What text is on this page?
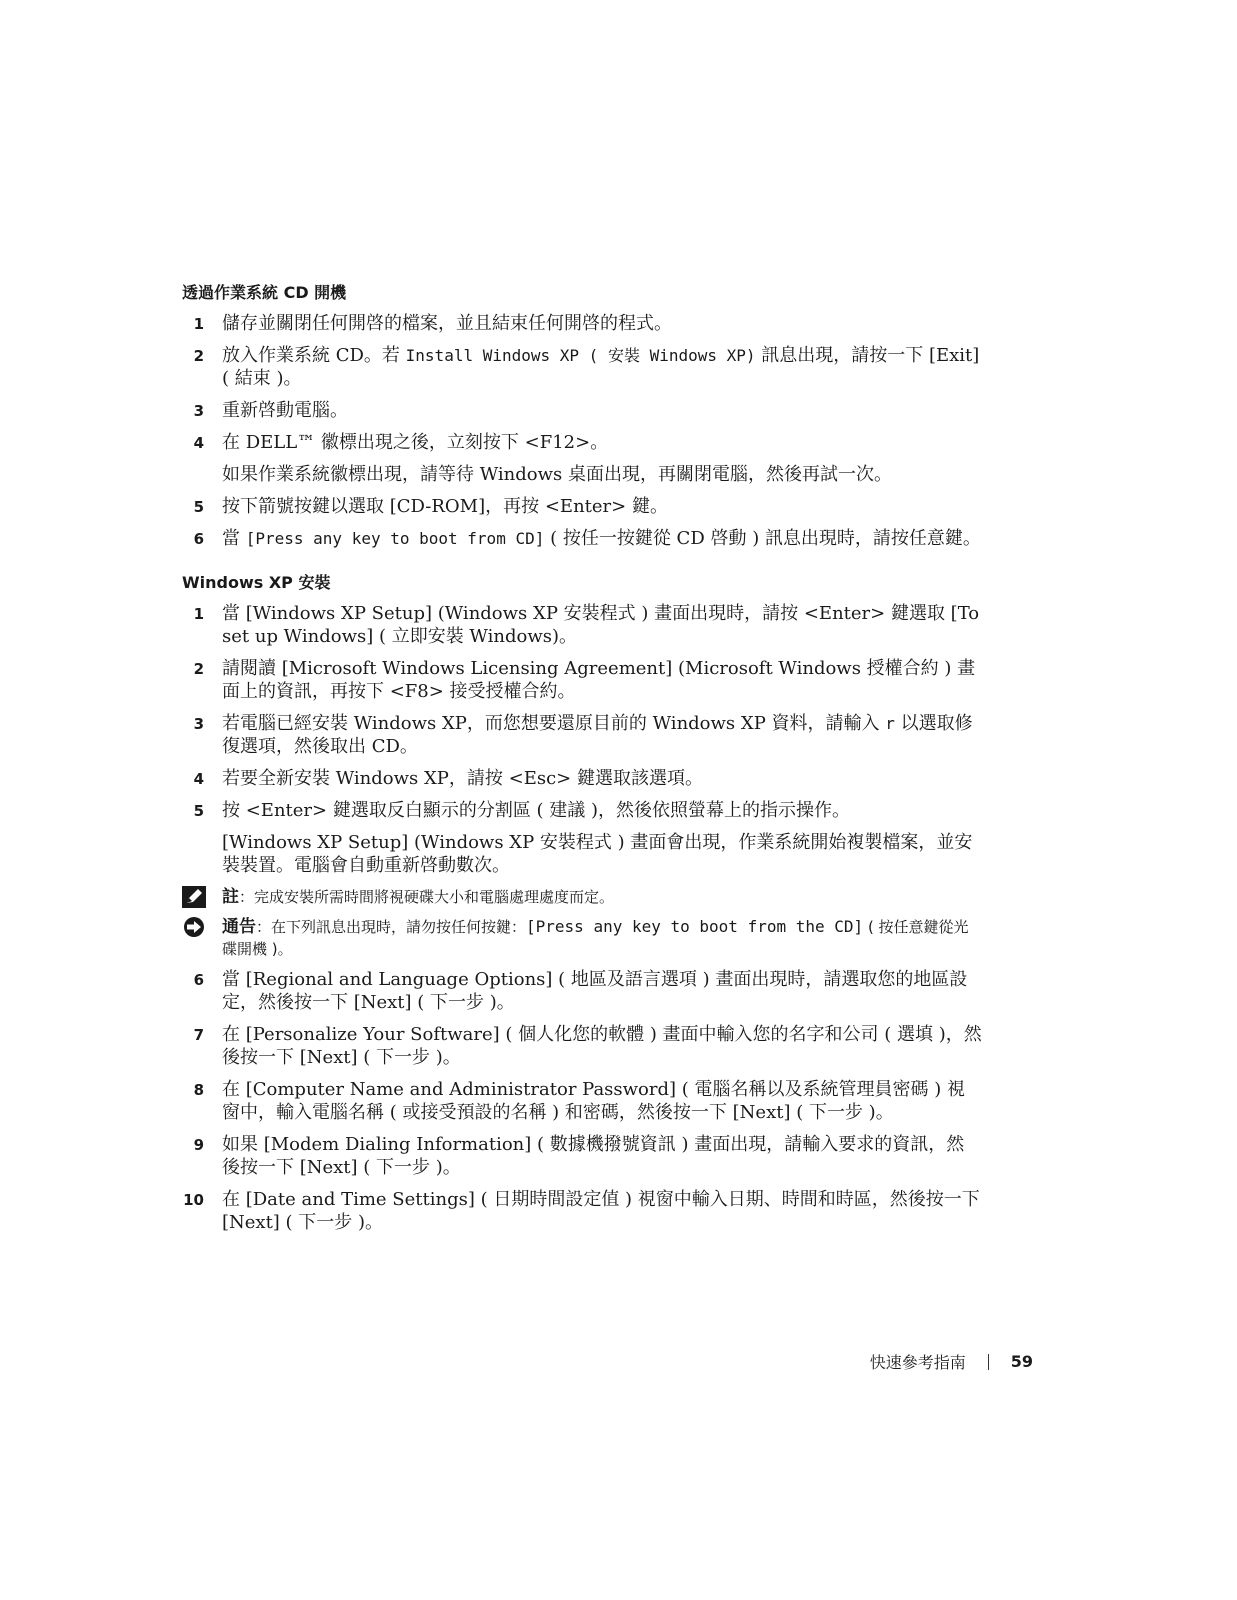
透過作業系統 CD 開機
1 儲存並關閉任何開啓的檔案，並且結束任何開啓的程式。
2 放入作業系統 CD。若 Install Windows XP ( 安裝 Windows XP) 訊息出現，請按一下 [Exit] ( 結束 )。
3 重新啓動電腦。
4 在 DELL™ 徽標出現之後，立刻按下 <F12>。
如果作業系統徽標出現，請等待 Windows 桌面出現，再關閉電腦，然後再試一次。
5 按下箭號按鍵以選取 [CD-ROM]，再按 <Enter> 鍵。
6 當 [Press any key to boot from CD] ( 按任一按鍵從 CD 啓動 ) 訊息出現時，請按任意鍵。
Windows XP 安裝
1 當 [Windows XP Setup] (Windows XP 安裝程式 ) 畫面出現時，請按 <Enter> 鍵選取 [To set up Windows] ( 立即安裝 Windows)。
2 請閱讀 [Microsoft Windows Licensing Agreement] (Microsoft Windows 授權合約 ) 畫面上的資訊，再按下 <F8> 接受授權合約。
3 若電腦已經安裝 Windows XP，而您想要還原目前的 Windows XP 資料，請輸入 r 以選取修復選項，然後取出 CD。
4 若要全新安裝 Windows XP，請按 <Esc> 鍵選取該選項。
5 按 <Enter> 鍵選取反白顯示的分割區 ( 建議 )，然後依照螢幕上的指示操作。
[Windows XP Setup] (Windows XP 安裝程式 ) 畫面會出現，作業系統開始複製檔案，並安裝裝置。電腦會自動重新啓動數次。
註：完成安裝所需時間將視硬碟大小和電腦處理處度而定。
通告：在下列訊息出現時，請勿按任何按鍵：[Press any key to boot from the CD] ( 按任意鍵從光碟開機 )。
6 當 [Regional and Language Options] ( 地區及語言選項 ) 畫面出現時，請選取您的地區設定，然後按一下 [Next] ( 下一步 )。
7 在 [Personalize Your Software] ( 個人化您的軟體 ) 畫面中輸入您的名字和公司 ( 選填 )，然後按一下 [Next] ( 下一步 )。
8 在 [Computer Name and Administrator Password] ( 電腦名稱以及系統管理員密碼 ) 視窗中，輸入電腦名稱 ( 或接受預設的名稱 ) 和密碼，然後按一下 [Next] ( 下一步 )。
9 如果 [Modem Dialing Information] ( 數據機撥號資訊 ) 畫面出現，請輸入要求的資訊，然後按一下 [Next] ( 下一步 )。
10 在 [Date and Time Settings] ( 日期時間設定值 ) 視窗中輸入日期、時間和時區，然後按一下 [Next] ( 下一步 )。
快速參考指南	59
